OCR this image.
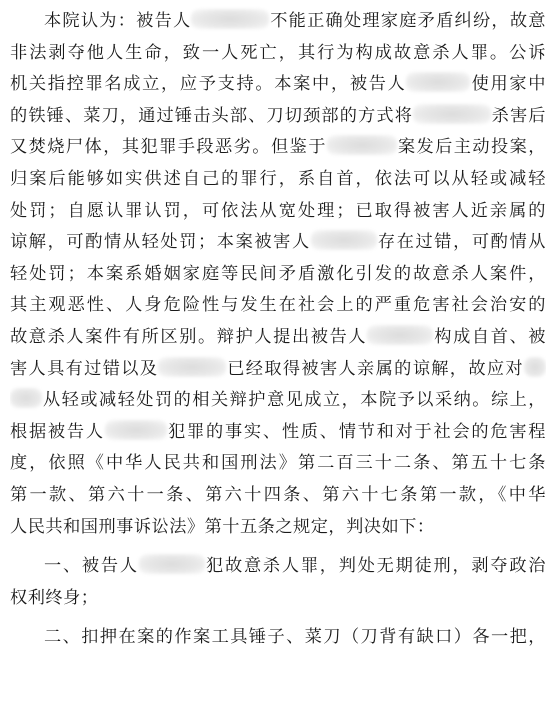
本院认为：被告人	不能正确处理家庭矛盾纠纷，故意
非法剥夺他人生命，致一人死亡，其行为构成故意杀人罪。公诉
机关指控罪名成立，应予支持。本案中，被告人	使用家中
的铁锤、菜刀，通过锤击头部、刀切颈部的方式将	杀害后
又焚烧尸体，其犯罪手段恶劣。但鉴于	案发后主动投案，
归案后能够如实供述自己的罪行，系自首，依法可以从轻或减轻
处罚；自愿认罪认罚，可依法从宽处理；已取得被害人近亲属的
谅解，可酌情从轻处罚；本案被害人	存在过错，可酌情从
轻处罚；本案系婚姻家庭等民间矛盾激化引发的故意杀人案件，
其主观恶性、人身危险性与发生在社会上的严重危害社会治安的
故意杀人案件有所区别。辩护人提出被告人	构成自首、被
害人具有过错以及	已经取得被害人亲属的谅解，故应对
从轻或减轻处罚的相关辩护意见成立，本院予以采纳。综上，
根据被告人	犯罪的事实、性质、情节和对于社会的危害程
度，依照《中华人民共和国刑法》第二百三十二条、第五十七条
第一款、第六十一条、第六十四条、第六十七条第一款，《中华
人民共和国刑事诉讼法》第十五条之规定，判决如下：
一、被告人	犯故意杀人罪，判处无期徒刑，剥夺政治
权利终身；
二、扣押在案的作案工具锤子、菜刀（刀背有缺口）各一把，
